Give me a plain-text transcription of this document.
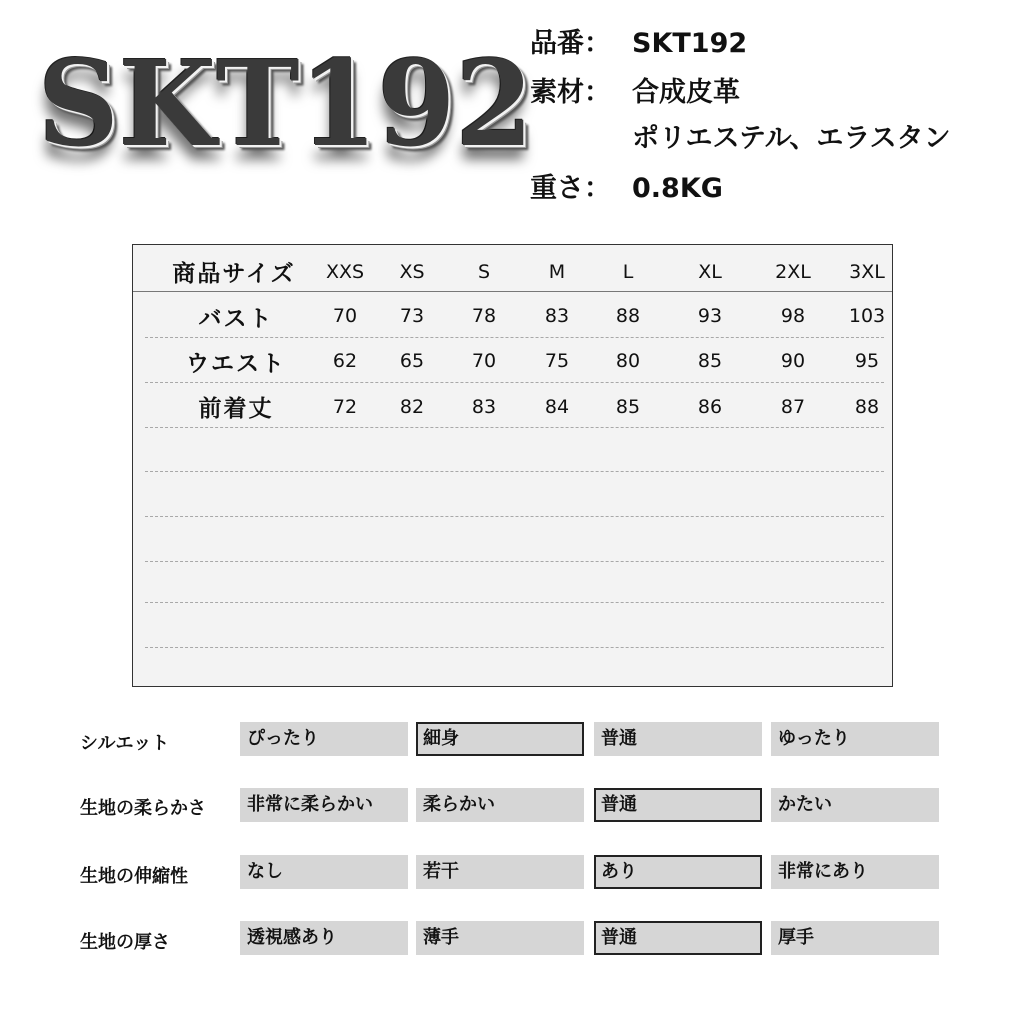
SKT192
品番： SKT192
素材： 合成皮革
ポリエステル、エラスタン
重さ： 0.8KG
商品サイズ XXS XS	S	M	L	XL	2XL 3XL
バスト	70 73	78	83 88	93	98 103
ウエスト 62 65	70	75 80	85	90	95
前着丈	72 82	83	84 85	86	87	88
シルエット	ぴったり	細身	普通	ゆったり
生地の柔らかさ	非常に柔らかい	柔らかい	普通	かたい
生地の伸縮性	なし	若干	あり	非常にあり
生地の厚さ	透視感あり	薄手	普通	厚手
